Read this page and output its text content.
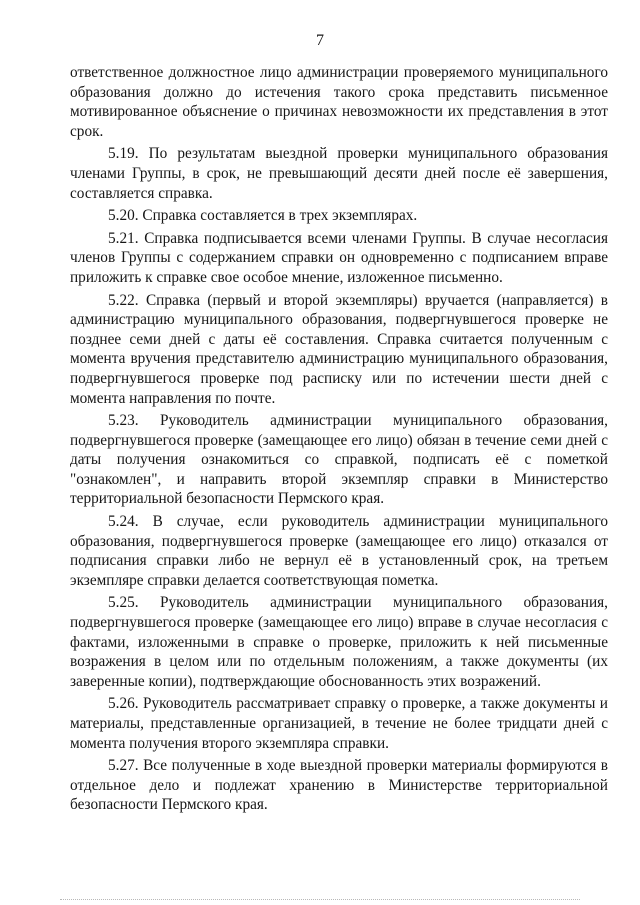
7

ответственное должностное лицо администрации проверяемого муниципального образования должно до истечения такого срока представить письменное мотивированное объяснение о причинах невозможности их представления в этот срок.

5.19. По результатам выездной проверки муниципального образования членами Группы, в срок, не превышающий десяти дней после её завершения, составляется справка.

5.20. Справка составляется в трех экземплярах.

5.21. Справка подписывается всеми членами Группы. В случае несогласия членов Группы с содержанием справки он одновременно с подписанием вправе приложить к справке свое особое мнение, изложенное письменно.

5.22. Справка (первый и второй экземпляры) вручается (направляется) в администрацию муниципального образования, подвергнувшегося проверке не позднее семи дней с даты её составления. Справка считается полученным с момента вручения представителю администрацию муниципального образования, подвергнувшегося проверке под расписку или по истечении шести дней с момента направления по почте.

5.23. Руководитель администрации муниципального образования, подвергнувшегося проверке (замещающее его лицо) обязан в течение семи дней с даты получения ознакомиться со справкой, подписать её с пометкой "ознакомлен", и направить второй экземпляр справки в Министерство территориальной безопасности Пермского края.

5.24. В случае, если руководитель администрации муниципального образования, подвергнувшегося проверке (замещающее его лицо) отказался от подписания справки либо не вернул её в установленный срок, на третьем экземпляре справки делается соответствующая пометка.

5.25. Руководитель администрации муниципального образования, подвергнувшегося проверке (замещающее его лицо) вправе в случае несогласия с фактами, изложенными в справке о проверке, приложить к ней письменные возражения в целом или по отдельным положениям, а также документы (их заверенные копии), подтверждающие обоснованность этих возражений.

5.26. Руководитель рассматривает справку о проверке, а также документы и материалы, представленные организацией, в течение не более тридцати дней с момента получения второго экземпляра справки.

5.27. Все полученные в ходе выездной проверки материалы формируются в отдельное дело и подлежат хранению в Министерстве территориальной безопасности Пермского края.
